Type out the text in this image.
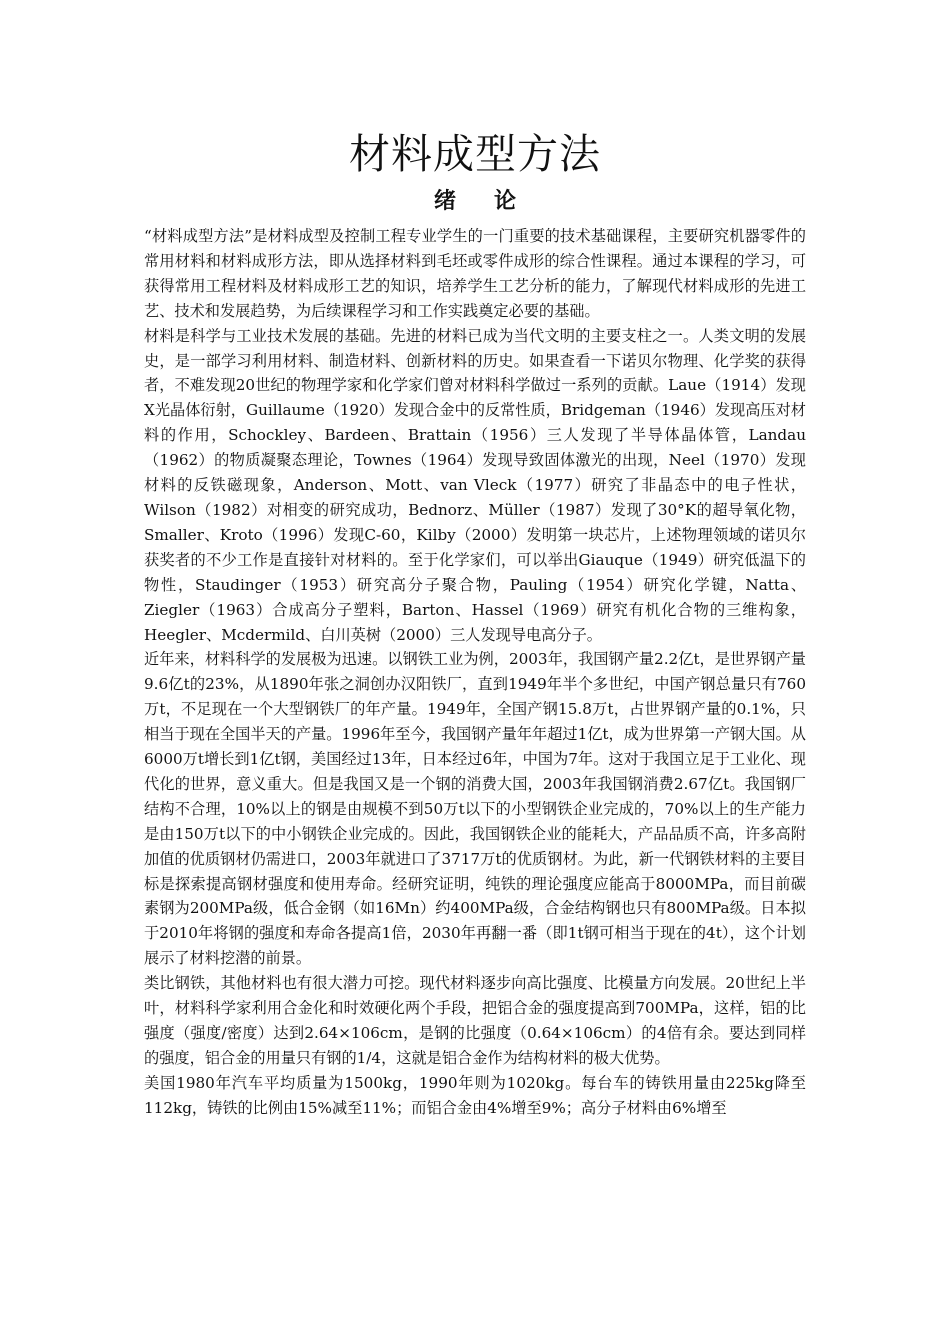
材料成型方法
绪 论

“材料成型方法”是材料成型及控制工程专业学生的一门重要的技术基础课程，主要研究机器零件的常用材料和材料成形方法，即从选择材料到毛坯或零件成形的综合性课程。通过本课程的学习，可获得常用工程材料及材料成形工艺的知识，培养学生工艺分析的能力，了解现代材料成形的先进工艺、技术和发展趋势，为后续课程学习和工作实践奠定必要的基础。

材料是科学与工业技术发展的基础。先进的材料已成为当代文明的主要支柱之一。人类文明的发展史，是一部学习利用材料、制造材料、创新材料的历史。如果查看一下诺贝尔物理、化学奖的获得者，不难发现20世纪的物理学家和化学家们曾对材料科学做过一系列的贡献。Laue（1914）发现X光晶体衍射，Guillaume（1920）发现合金中的反常性质，Bridgeman（1946）发现高压对材料的作用，Schockley、Bardeen、Brattain（1956）三人发现了半导体晶体管，Landau（1962）的物质凝聚态理论，Townes（1964）发现导致固体激光的出现，Neel（1970）发现材料的反铁磁现象，Anderson、Mott、van Vleck（1977）研究了非晶态中的电子性状，Wilson（1982）对相变的研究成功，Bednorz、Müller（1987）发现了30°K的超导氧化物，Smaller、Kroto（1996）发现C-60，Kilby（2000）发明第一块芯片，上述物理领域的诺贝尔获奖者的不少工作是直接针对材料的。至于化学家们，可以举出Giauque（1949）研究低温下的物性，Staudinger（1953）研究高分子聚合物，Pauling（1954）研究化学键，Natta、Ziegler（1963）合成高分子塑料，Barton、Hassel（1969）研究有机化合物的三维构象，Heegler、Mcdermild、白川英树（2000）三人发现导电高分子。

近年来，材料科学的发展极为迅速。以钢铁工业为例，2003年，我国钢产量2.2亿t，是世界钢产量9.6亿t的23%，从1890年张之洞创办汉阳铁厂，直到1949年半个多世纪，中国产钢总量只有760万t，不足现在一个大型钢铁厂的年产量。1949年，全国产钢15.8万t，占世界钢产量的0.1%，只相当于现在全国半天的产量。1996年至今，我国钢产量年年超过1亿t，成为世界第一产钢大国。从6000万t增长到1亿t钢，美国经过13年，日本经过6年，中国为7年。这对于我国立足于工业化、现代化的世界，意义重大。但是我国又是一个钢的消费大国，2003年我国钢消费2.67亿t。我国钢厂结构不合理，10%以上的钢是由规模不到50万t以下的小型钢铁企业完成的，70%以上的生产能力是由150万t以下的中小钢铁企业完成的。因此，我国钢铁企业的能耗大，产品品质不高，许多高附加值的优质钢材仍需进口，2003年就进口了3717万t的优质钢材。为此，新一代钢铁材料的主要目标是探索提高钢材强度和使用寿命。经研究证明，纯铁的理论强度应能高于8000MPa，而目前碳素钢为200MPa级，低合金钢（如16Mn）约400MPa级，合金结构钢也只有800MPa级。日本拟于2010年将钢的强度和寿命各提高1倍，2030年再翻一番（即1t钢可相当于现在的4t），这个计划展示了材料挖潜的前景。

类比钢铁，其他材料也有很大潜力可挖。现代材料逐步向高比强度、比模量方向发展。20世纪上半叶，材料科学家利用合金化和时效硬化两个手段，把铝合金的强度提高到700MPa，这样，铝的比强度（强度/密度）达到2.64×106cm，是钢的比强度（0.64×106cm）的4倍有余。要达到同样的强度，铝合金的用量只有钢的1/4，这就是铝合金作为结构材料的极大优势。

美国1980年汽车平均质量为1500kg，1990年则为1020kg。每台车的铸铁用量由225kg降至112kg，铸铁的比例由15%减至11%；而铝合金由4%增至9%；高分子材料由6%增至
